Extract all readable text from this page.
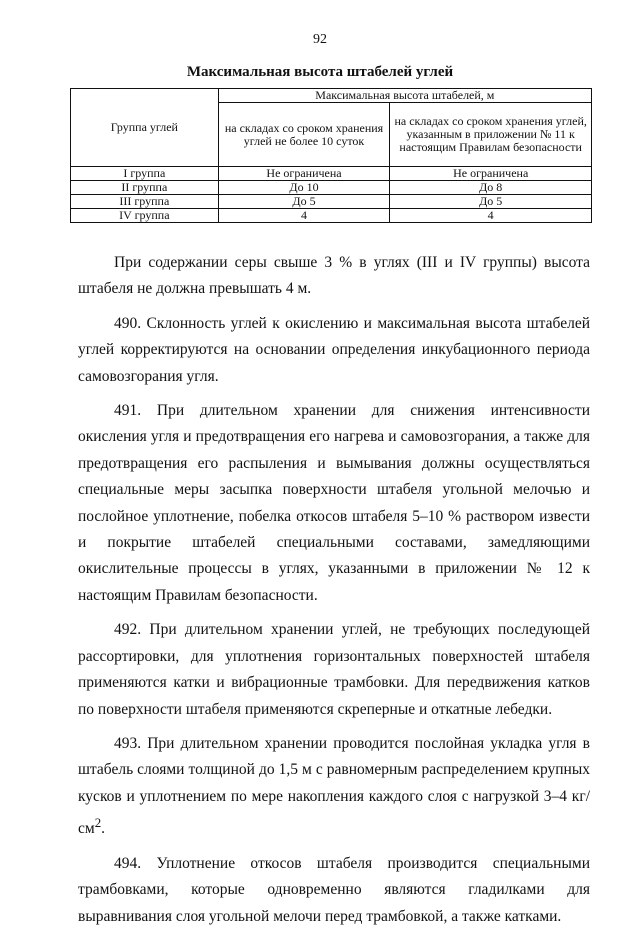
92
Максимальная высота штабелей углей
Группа углей	Максимальная высота штабелей, м	
	на складах со сроком хранения углей не более 10 суток	на складах со сроком хранения углей, указанным в приложении № 11 к настоящим Правилам безопасности
I группа	Не ограничена	Не ограничена
II группа	До 10	До 8
III группа	До 5	До 5
IV группа	4	4

При содержании серы свыше 3 % в углях (III и IV группы) высота штабеля не должна превышать 4 м.

490. Склонность углей к окислению и максимальная высота штабелей углей корректируются на основании определения инкубационного периода самовозгорания угля.

491. При длительном хранении для снижения интенсивности окисления угля и предотвращения его нагрева и самовозгорания, а также для предотвращения его распыления и вымывания должны осуществляться специальные меры засыпка поверхности штабеля угольной мелочью и послойное уплотнение, побелка откосов штабеля 5–10 % раствором извести и покрытие штабелей специальными составами, замедляющими окислительные процессы в углях, указанными в приложении № 12 к настоящим Правилам безопасности.

492. При длительном хранении углей, не требующих последующей рассортировки, для уплотнения горизонтальных поверхностей штабеля применяются катки и вибрационные трамбовки. Для передвижения катков по поверхности штабеля применяются скреперные и откатные лебедки.

493. При длительном хранении проводится послойная укладка угля в штабель слоями толщиной до 1,5 м с равномерным распределением крупных кусков и уплотнением по мере накопления каждого слоя с нагрузкой 3–4 $кг/см^2$.

494. Уплотнение откосов штабеля производится специальными трамбовками, которые одновременно являются гладилками для выравнивания слоя угольной мелочи перед трамбовкой, а также катками.
